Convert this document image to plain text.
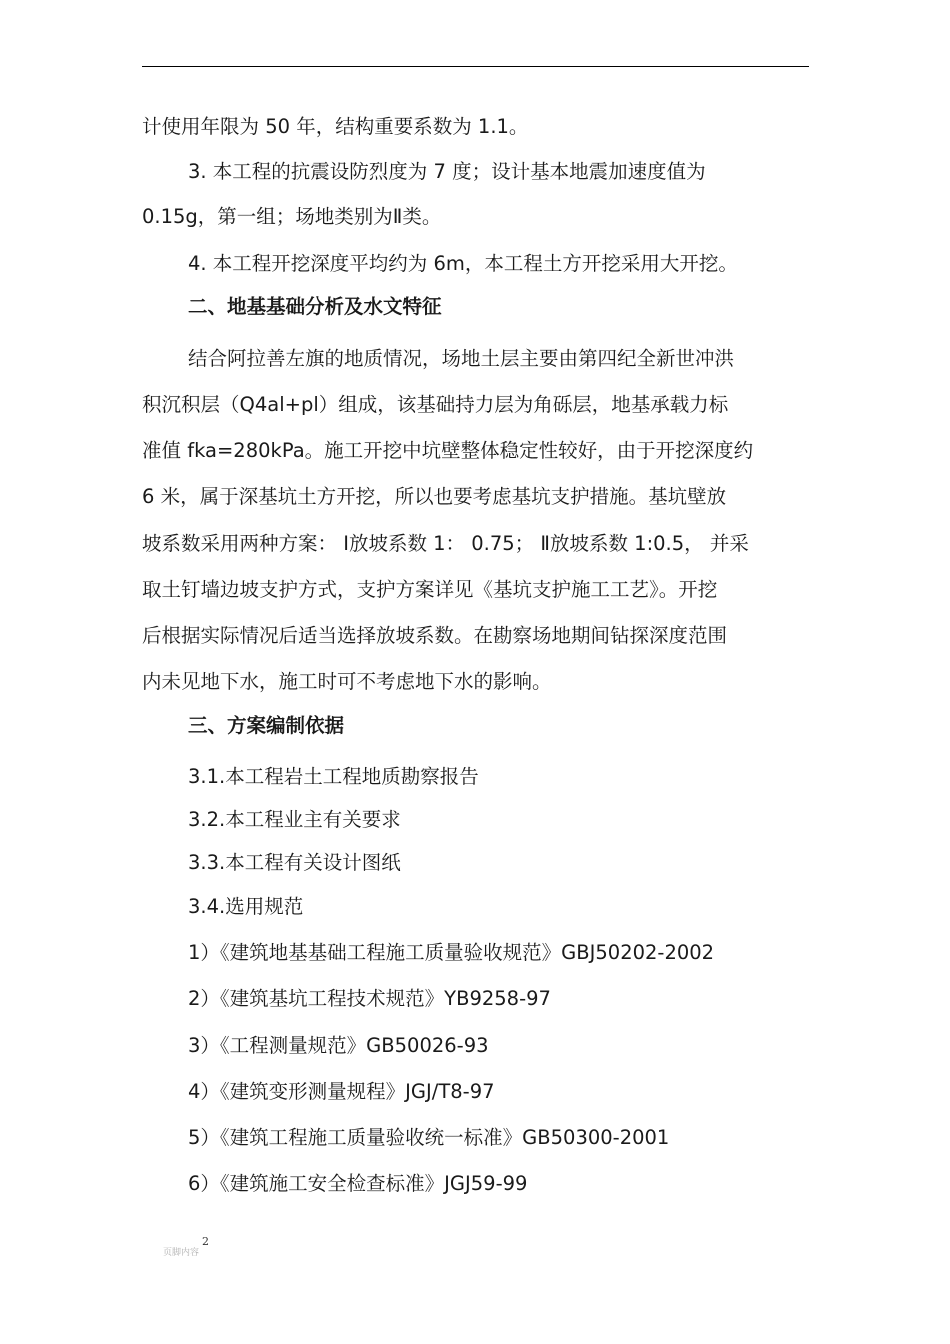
计使用年限为 50 年，结构重要系数为 1.1。
3. 本工程的抗震设防烈度为 7 度；设计基本地震加速度值为
0.15g，第一组；场地类别为Ⅱ类。
4. 本工程开挖深度平均约为 6m，本工程土方开挖采用大开挖。
二、地基基础分析及水文特征
结合阿拉善左旗的地质情况，场地土层主要由第四纪全新世冲洪
积沉积层（Q4al+pl）组成，该基础持力层为角砾层，地基承载力标
准值 fka=280kPa。施工开挖中坑壁整体稳定性较好，由于开挖深度约
6 米，属于深基坑土方开挖，所以也要考虑基坑支护措施。基坑壁放
坡系数采用两种方案： Ⅰ放坡系数 1： 0.75； Ⅱ放坡系数 1:0.5， 并采
取土钉墙边坡支护方式，支护方案详见《基坑支护施工工艺》。开挖
后根据实际情况后适当选择放坡系数。在勘察场地期间钻探深度范围
内未见地下水，施工时可不考虑地下水的影响。
三、方案编制依据
3.1.本工程岩土工程地质勘察报告
3.2.本工程业主有关要求
3.3.本工程有关设计图纸
3.4.选用规范
1）《建筑地基基础工程施工质量验收规范》GBJ50202-2002
2）《建筑基坑工程技术规范》YB9258-97
3）《工程测量规范》GB50026-93
4）《建筑变形测量规程》JGJ/T8-97
5）《建筑工程施工质量验收统一标准》GB50300-2001
6）《建筑施工安全检查标准》JGJ59-99
2
页脚内容
